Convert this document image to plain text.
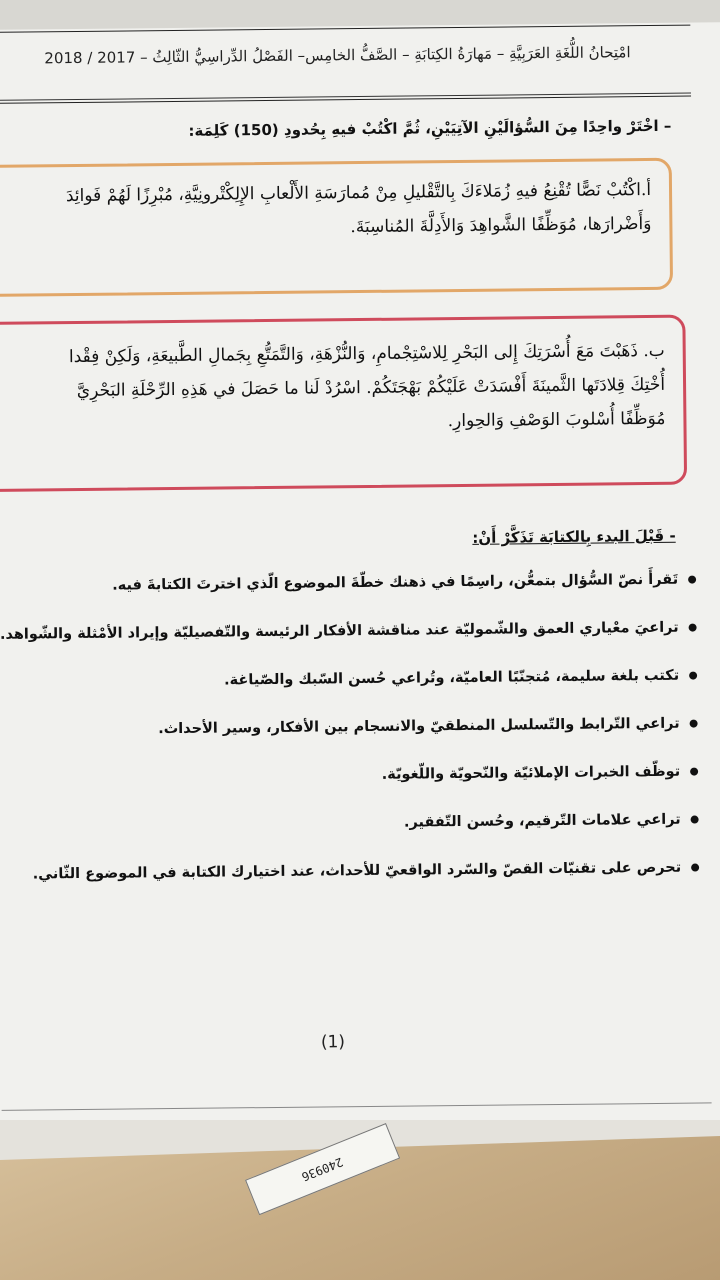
امْتِحانُ اللُّغَةِ العَرَبِيَّةِ – مَهارَةُ الكِتابَةِ – الصَّفُّ الخامِس– الفَصْلُ الدِّراسِيُّ الثّالِثُ – 2017 / 2018
– اخْتَرْ واحِدًا مِنَ السُّؤالَيْنِ الآتِيَيْنِ، ثُمَّ اكْتُبْ فيهِ بِحُدودِ (150) كَلِمَة:

أ.اكْتُبْ نَصًّا تُقْنِعُ فيهِ زُمَلاءَكَ بِالتَّقْليلِ مِنْ مُمارَسَةِ الأَلْعابِ الإِلِكْتْرونِيَّةِ، مُبْرِزًا لَهُمْ فَوائِدَ

وَأَضْرارَها، مُوَظِّفًا الشَّواهِدَ وَالأَدِلَّةَ المُناسِبَةَ.

ب. ذَهَبْتَ مَعَ أُسْرَتِكَ إِلى البَحْرِ لِلاسْتِجْمامِ، وَالنُّزْهَةِ، وَالتَّمَتُّعِ بِجَمالِ الطَّبيعَةِ، وَلَكِنْ فِقْدا

أُخْتِكَ قِلادَتَها الثَّمينَةَ أَفْسَدَتْ عَلَيْكُمْ بَهْجَتَكُمْ. اسْرُدْ لَنا ما حَصَلَ في هَذِهِ الرِّحْلَةِ البَحْرِيَّ

مُوَظِّفًا أُسْلوبَ الوَصْفِ وَالحِوارِ.

- قَبْلَ البدء بِالكتابَة تَذَكَّرْ أَنْ:
تَقرأَ نصّ السُّؤال بتمعُّن، راسِمًا في ذهنك خطّةَ الموضوع الّذي اخترتَ الكتابةَ فيه.
تراعيَ معْياري العمق والشّموليّة عند مناقشة الأفكار الرئيسة والتّفصيليّة وإيراد الأمْثلة والشّواهد.
تكتب بلغة سليمة، مُتجنّبًا العاميّة، وتُراعي حُسن السّبك والصّياغة.
تراعي التّرابط والتّسلسل المنطقيّ والانسجام بين الأفكار، وسير الأحداث.
توظّف الخبرات الإملائيّة والنّحويّة واللّغويّة.
تراعي علامات التّرقيم، وحُسن التّفقير.
تحرص على تقنيّات القصّ والسّرد الواقعيّ للأحداث، عند اختيارك الكتابة في الموضوع الثّاني.
(1)
240936
